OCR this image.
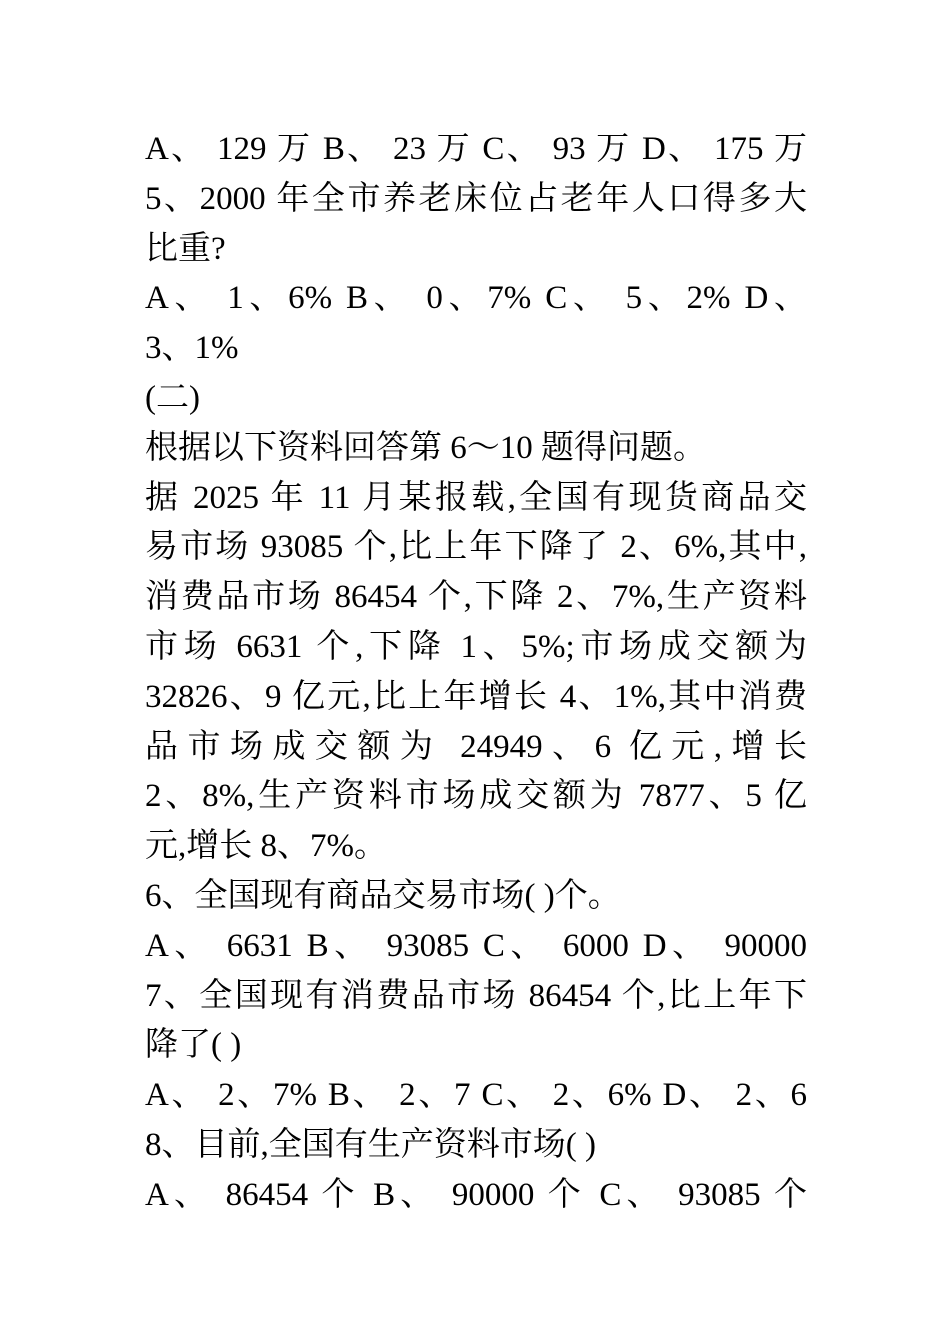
A、 129 万 B、 23 万 C、 93 万 D、 175 万
5、2000 年全市养老床位占老年人口得多大
比重?
A、 1、6% B、 0、7% C、 5、2% D、
3、1%
(二)
根据以下资料回答第 6～10 题得问题。
据 2025 年 11 月某报载,全国有现货商品交
易市场 93085 个,比上年下降了 2、6%,其中,
消费品市场 86454 个,下降 2、7%,生产资料
市场 6631 个,下降 1、5%;市场成交额为
32826、9 亿元,比上年增长 4、1%,其中消费
品市场成交额为 24949、6 亿元,增长
2、8%,生产资料市场成交额为 7877、5 亿
元,增长 8、7%。
6、全国现有商品交易市场( )个。
A、 6631 B、 93085 C、 6000 D、 90000
7、全国现有消费品市场 86454 个,比上年下
降了( )
A、 2、7% B、 2、7 C、 2、6% D、 2、6
8、目前,全国有生产资料市场( )
A、 86454 个 B、 90000 个 C、 93085 个
